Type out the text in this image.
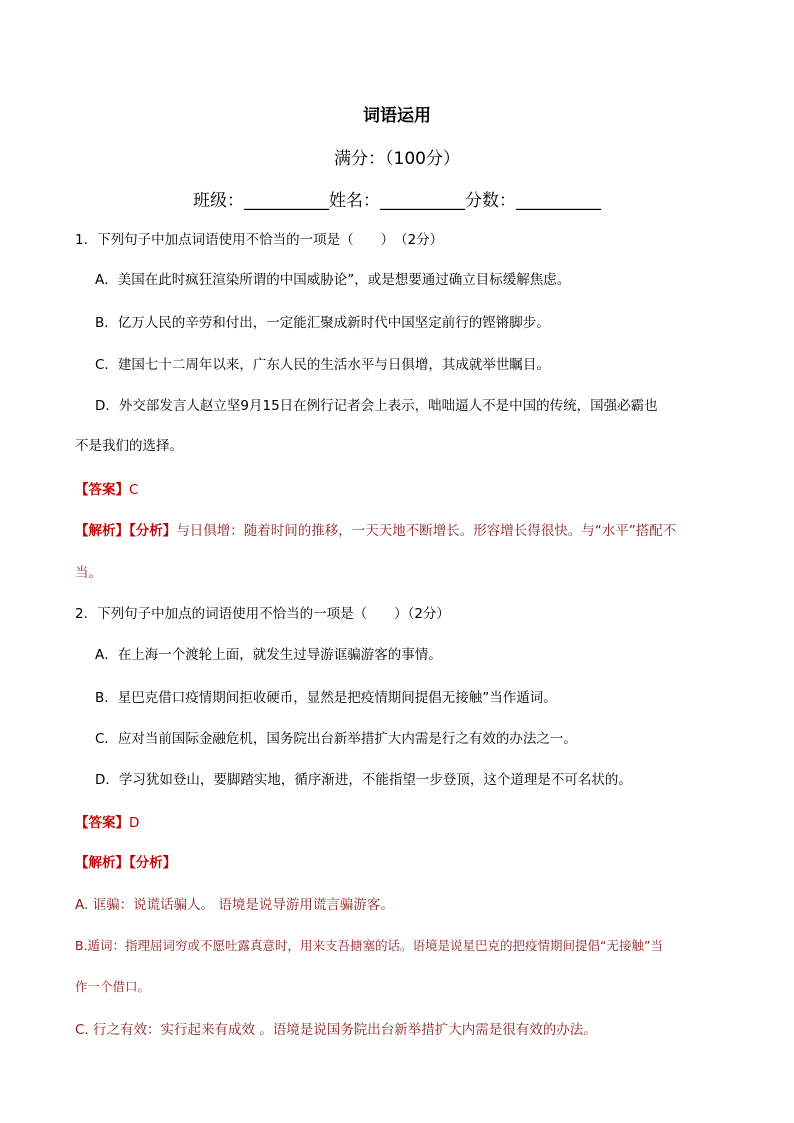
词语运用
满分：（100分）
班级：__________姓名：__________分数：__________
1．下列句子中加点词语使用不恰当的一项是（　　）　（2分）
A．美国在此时疯狂渲染所谓的中国威胁论”，或是想要通过确立目标缓解焦虑。
B．亿万人民的辛劳和付出，一定能汇聚成新时代中国坚定前行的铿锵脚步。
C．建国七十二周年以来，广东人民的生活水平与日俱增，其成就举世瞩目。
D．外交部发言人赵立坚9月15日在例行记者会上表示，咄咄逼人不是中国的传统，国强必霸也
不是我们的选择。
【答案】C
【解析】【分析】与日俱增：随着时间的推移，一天天地不断增长。形容增长得很快。与“水平”搭配不
当。
2．下列句子中加点的词语使用不恰当的一项是（　　）（2分）
A．在上海一个渡轮上面，就发生过导游诓骗游客的事情。
B．星巴克借口疫情期间拒收硬币，显然是把疫情期间提倡无接触”当作遁词。
C．应对当前国际金融危机，国务院出台新举措扩大内需是行之有效的办法之一。
D．学习犹如登山，要脚踏实地，循序渐进，不能指望一步登顶，这个道理是不可名状的。
【答案】D
【解析】【分析】
A. 诓骗：说谎话骗人。 语境是说导游用谎言骗游客。
B.遁词：指理屈词穷或不愿吐露真意时，用来支吾搪塞的话。语境是说星巴克的把疫情期间提倡“无接触”当
作一个借口。
C. 行之有效：实行起来有成效 。语境是说国务院出台新举措扩大内需是很有效的办法。
